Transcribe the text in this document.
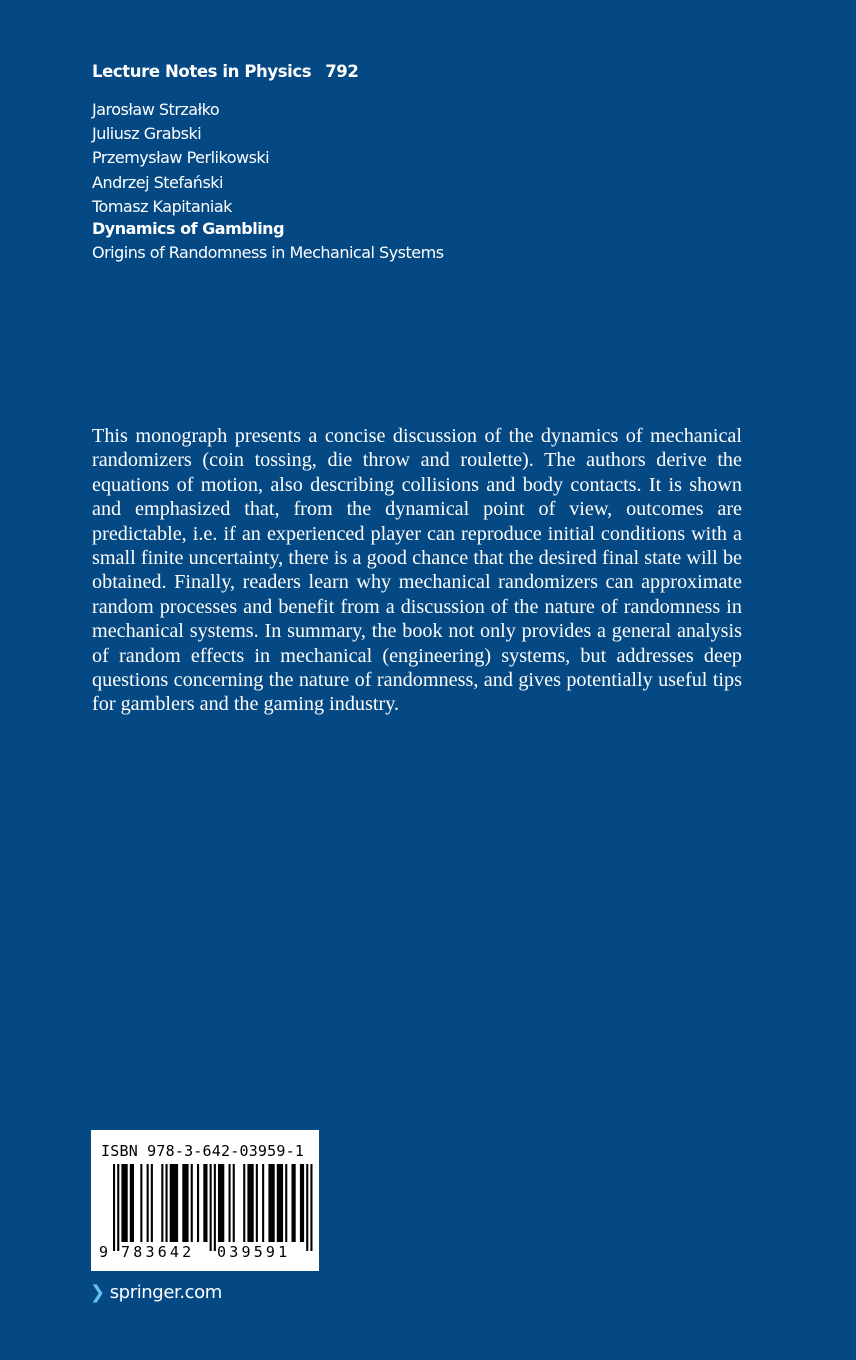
Lecture Notes in Physics 792
Jarosław Strzałko
Juliusz Grabski
Przemysław Perlikowski
Andrzej Stefański
Tomasz Kapitaniak
Dynamics of Gambling
Origins of Randomness in Mechanical Systems

This monograph presents a concise discussion of the dynamics of mechanical randomizers (coin tossing, die throw and roulette). The authors derive the equations of motion, also describing collisions and body contacts. It is shown and emphasized that, from the dynamical point of view, outcomes are predictable, i.e. if an experienced player can reproduce initial conditions with a small finite uncertainty, there is a good chance that the desired final state will be obtained. Finally, readers learn why mechanical randomizers can approximate random processes and benefit from a discussion of the nature of randomness in mechanical systems. In summary, the book not only provides a general analysis of random effects in mechanical (engineering) systems, but addresses deep questions concerning the nature of randomness, and gives potentially useful tips for gamblers and the gaming industry.

ISBN 978-3-642-03959-1
9 783642 039591
❯ springer.com
